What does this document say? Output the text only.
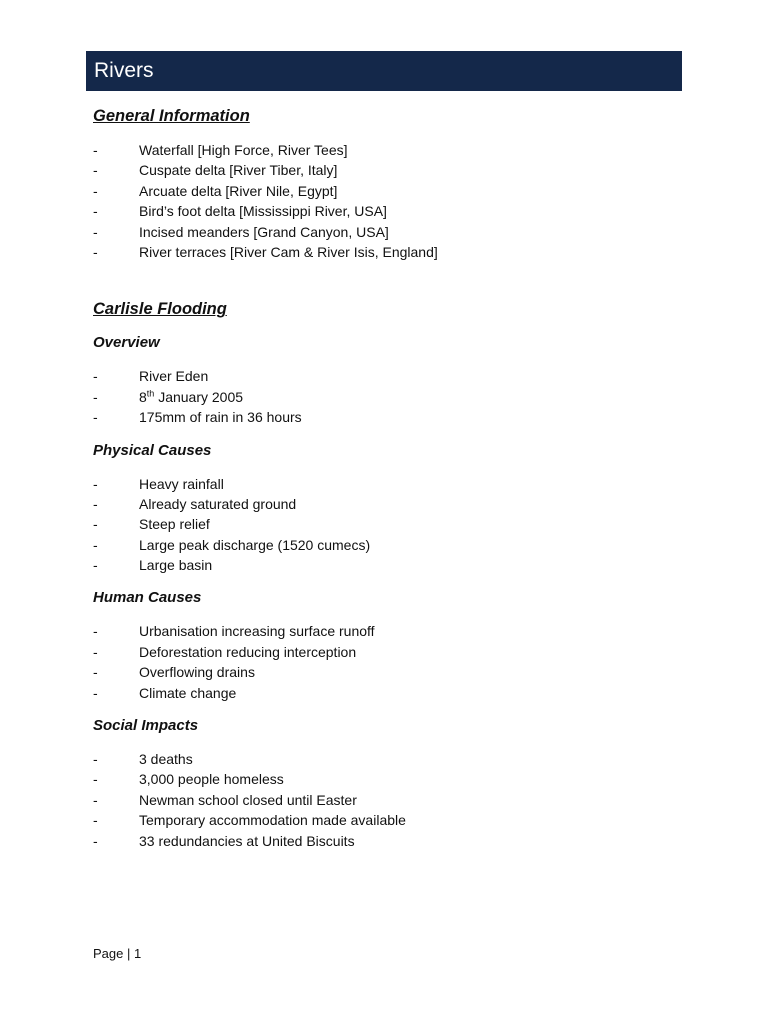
Rivers
General Information
-	Waterfall [High Force, River Tees]
-	Cuspate delta [River Tiber, Italy]
-	Arcuate delta [River Nile, Egypt]
-	Bird’s foot delta [Mississippi River, USA]
-	Incised meanders [Grand Canyon, USA]
-	River terraces [River Cam & River Isis, England]
Carlisle Flooding
Overview
-	River Eden
-	8th January 2005
-	175mm of rain in 36 hours
Physical Causes
-	Heavy rainfall
-	Already saturated ground
-	Steep relief
-	Large peak discharge (1520 cumecs)
-	Large basin
Human Causes
-	Urbanisation increasing surface runoff
-	Deforestation reducing interception
-	Overflowing drains
-	Climate change
Social Impacts
-	3 deaths
-	3,000 people homeless
-	Newman school closed until Easter
-	Temporary accommodation made available
-	33 redundancies at United Biscuits
Page | 1
